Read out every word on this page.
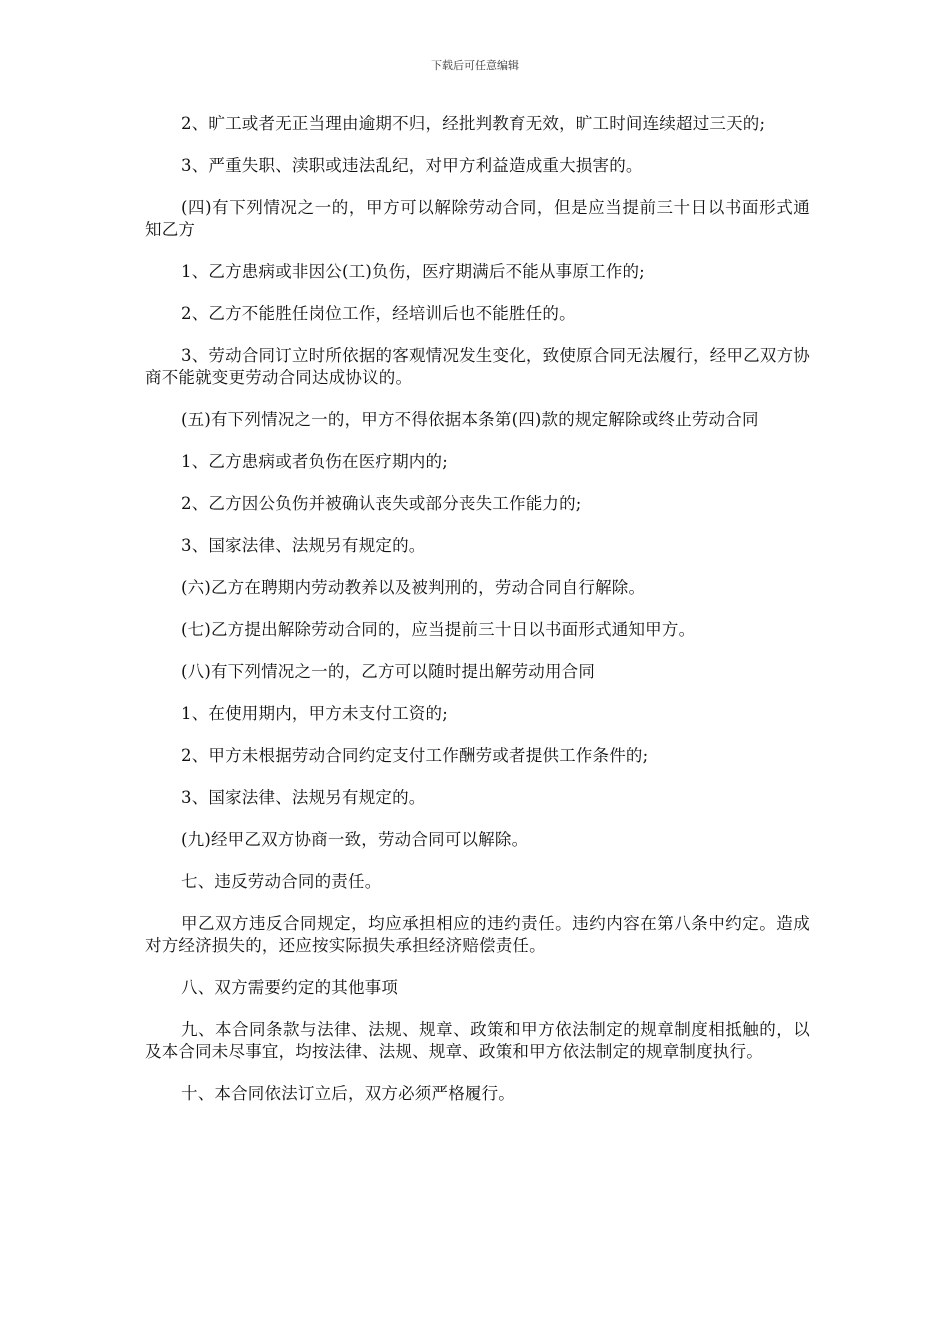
下载后可任意编辑

2、旷工或者无正当理由逾期不归，经批判教育无效，旷工时间连续超过三天的;

3、严重失职、渎职或违法乱纪，对甲方利益造成重大损害的。

(四)有下列情况之一的，甲方可以解除劳动合同，但是应当提前三十日以书面形式通知乙方

1、乙方患病或非因公(工)负伤，医疗期满后不能从事原工作的;

2、乙方不能胜任岗位工作，经培训后也不能胜任的。

3、劳动合同订立时所依据的客观情况发生变化，致使原合同无法履行，经甲乙双方协商不能就变更劳动合同达成协议的。

(五)有下列情况之一的，甲方不得依据本条第(四)款的规定解除或终止劳动合同

1、乙方患病或者负伤在医疗期内的;

2、乙方因公负伤并被确认丧失或部分丧失工作能力的;

3、国家法律、法规另有规定的。

(六)乙方在聘期内劳动教养以及被判刑的，劳动合同自行解除。

(七)乙方提出解除劳动合同的，应当提前三十日以书面形式通知甲方。

(八)有下列情况之一的，乙方可以随时提出解劳动用合同

1、在使用期内，甲方未支付工资的;

2、甲方未根据劳动合同约定支付工作酬劳或者提供工作条件的;

3、国家法律、法规另有规定的。

(九)经甲乙双方协商一致，劳动合同可以解除。

七、违反劳动合同的责任。

甲乙双方违反合同规定，均应承担相应的违约责任。违约内容在第八条中约定。造成对方经济损失的，还应按实际损失承担经济赔偿责任。

八、双方需要约定的其他事项

九、本合同条款与法律、法规、规章、政策和甲方依法制定的规章制度相抵触的，以及本合同未尽事宜，均按法律、法规、规章、政策和甲方依法制定的规章制度执行。

十、本合同依法订立后，双方必须严格履行。
